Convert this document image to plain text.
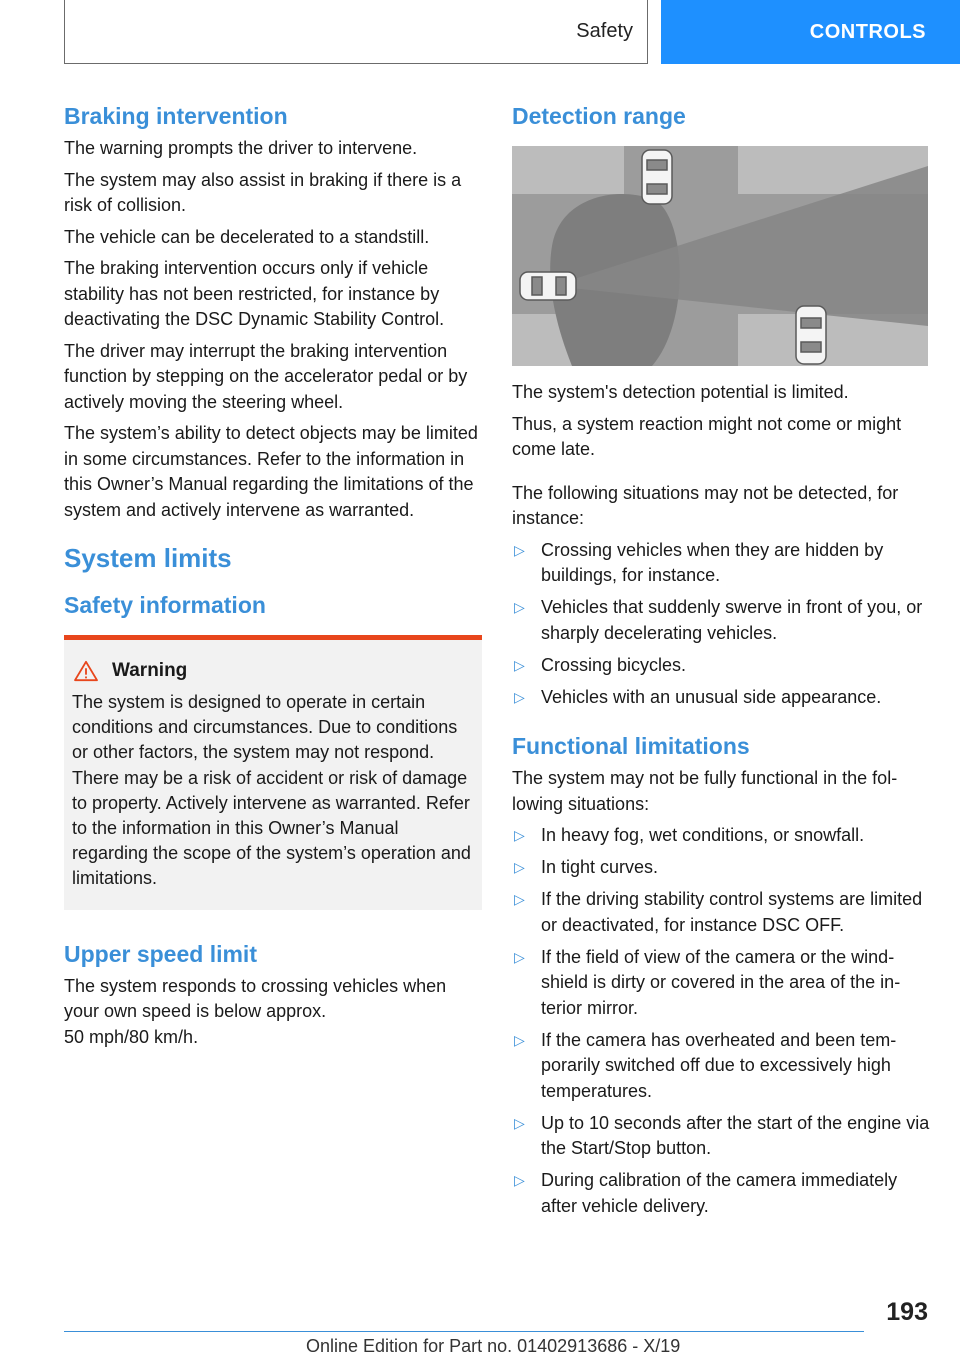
Safety	CONTROLS
Braking intervention

The warning prompts the driver to intervene.

The system may also assist in braking if there is a risk of collision.

The vehicle can be decelerated to a standstill.

The braking intervention occurs only if vehicle stability has not been restricted, for instance by deactivating the DSC Dynamic Stability Control.

The driver may interrupt the braking intervention function by stepping on the accelerator pedal or by actively moving the steering wheel.

The system’s ability to detect objects may be limited in some circumstances. Refer to the information in this Owner’s Manual regarding the limitations of the system and actively intervene as warranted.

System limits
Safety information
Warning

The system is designed to operate in certain conditions and circumstances. Due to conditions or other factors, the system may not respond. There may be a risk of accident or risk of damage to property. Actively intervene as warranted. Refer to the information in this Owner’s Manual regarding the scope of the system’s operation and limitations.

Upper speed limit

The system responds to crossing vehicles when your own speed is below approx.

50 mph/80 km/h.

Detection range

The system's detection potential is limited.

Thus, a system reaction might not come or might come late.

The following situations may not be detected, for instance:

▷ Crossing vehicles when they are hidden by buildings, for instance.
▷ Vehicles that suddenly swerve in front of you, or sharply decelerating vehicles.
▷ Crossing bicycles.
▷ Vehicles with an unusual side appearance.
Functional limitations

The system may not be fully functional in the following situations:

▷ In heavy fog, wet conditions, or snowfall.
▷ In tight curves.
▷ If the driving stability control systems are limited or deactivated, for instance DSC OFF.
▷ If the field of view of the camera or the windshield is dirty or covered in the area of the interior mirror.
▷ If the camera has overheated and been temporarily switched off due to excessively high temperatures.
▷ Up to 10 seconds after the start of the engine via the Start/Stop button.
▷ During calibration of the camera immediately after vehicle delivery.
193
Online Edition for Part no. 01402913686 - X/19
